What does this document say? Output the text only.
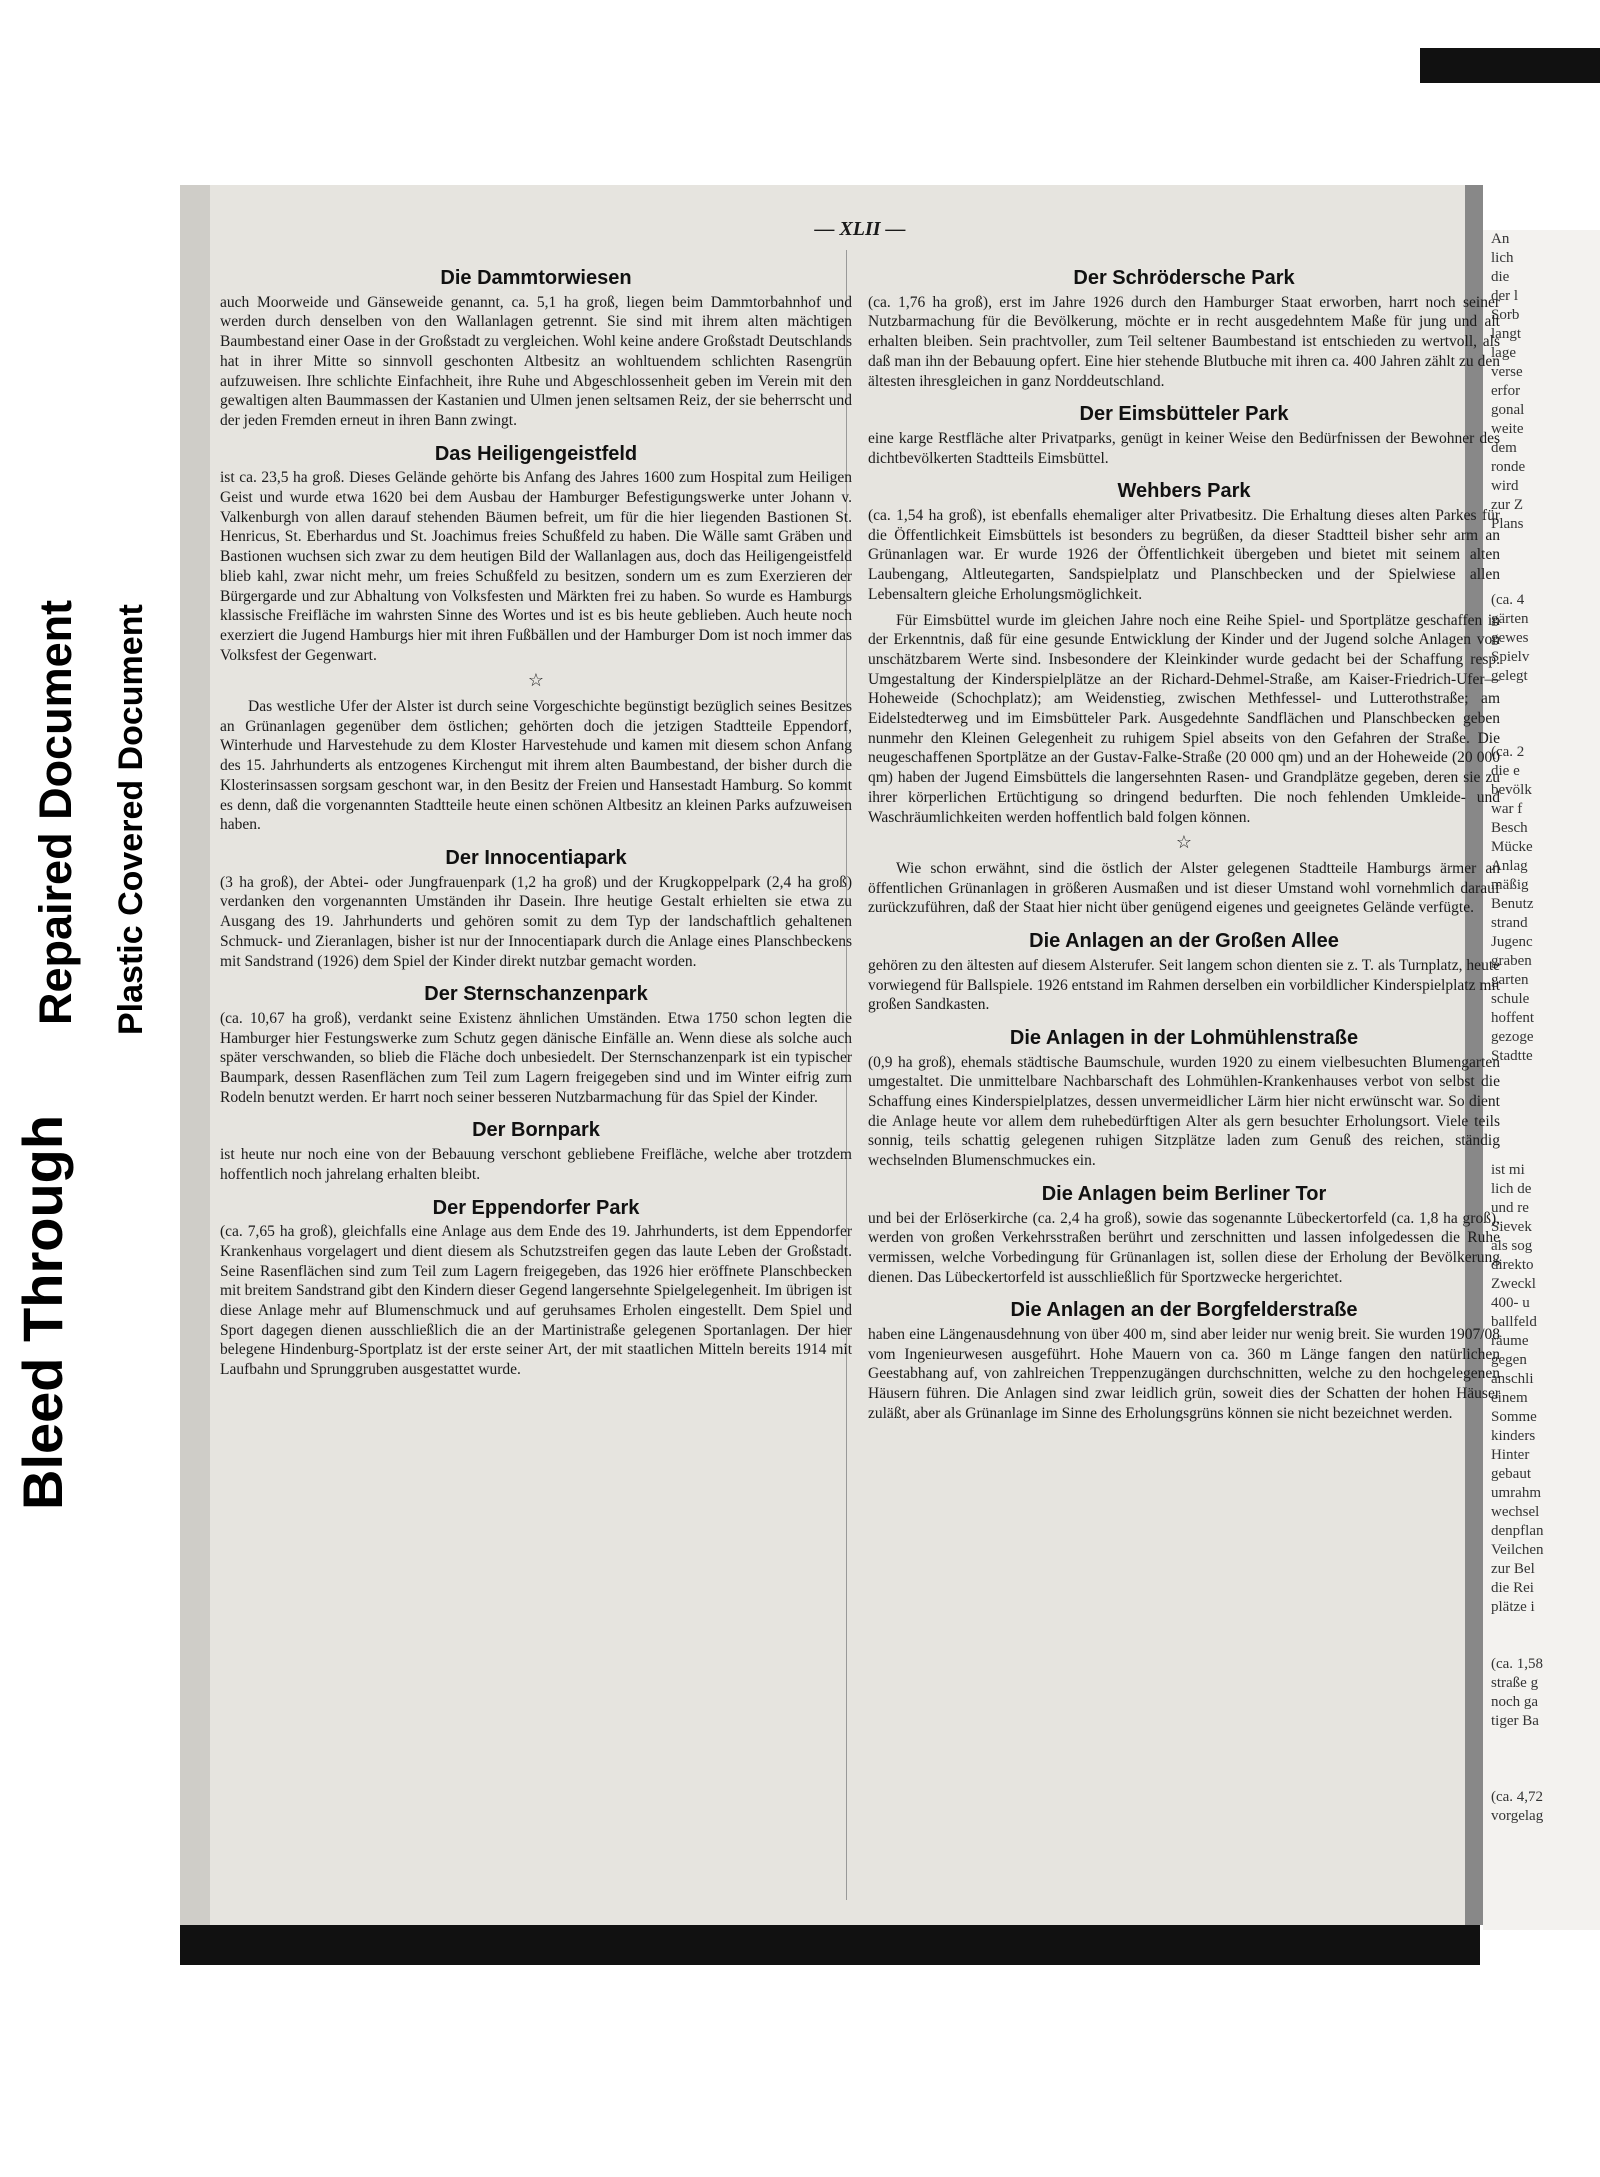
Bleed Through
Repaired Document Plastic Covered Document
An
lich
die
der l
Sorb
langt
lage
verse
erfor
gonal
weite
dem
ronde
wird
zur Z
Plans

(ca. 4
gärten
gewes
Spielv
gelegt

(ca. 2
die e
bevölk
war f
Besch
Mücke
Anlag
mäßig
Benutz
strand
Jugenc
graben
garten
schule
hoffent
gezoge
Stadtte

ist mi
lich de
und re
Sievek
als sog
direkto
Zweckl
400- u
ballfeld
räume
gegen
anschli
einem
Somme
kinders
Hinter
gebaut
umrahm
wechsel
denpflan
Veilchen
zur Bel
die Rei
plätze i

(ca. 1,58
straße g
noch ga
tiger Ba

(ca. 4,72
vorgelag
— XLII —
Die Dammtorwiesen

auch Moorweide und Gänseweide genannt, ca. 5,1 ha groß, liegen beim Dammtorbahnhof und werden durch denselben von den Wallanlagen getrennt. Sie sind mit ihrem alten mächtigen Baumbestand einer Oase in der Großstadt zu vergleichen. Wohl keine andere Großstadt Deutschlands hat in ihrer Mitte so sinnvoll geschonten Altbesitz an wohltuendem schlichten Rasengrün aufzuweisen. Ihre schlichte Einfachheit, ihre Ruhe und Abgeschlossenheit geben im Verein mit den gewaltigen alten Baummassen der Kastanien und Ulmen jenen seltsamen Reiz, der sie beherrscht und der jeden Fremden erneut in ihren Bann zwingt.

Das Heiligengeistfeld

ist ca. 23,5 ha groß. Dieses Gelände gehörte bis Anfang des Jahres 1600 zum Hospital zum Heiligen Geist und wurde etwa 1620 bei dem Ausbau der Hamburger Befestigungswerke unter Johann v. Valkenburgh von allen darauf stehenden Bäumen befreit, um für die hier liegenden Bastionen St. Henricus, St. Eberhardus und St. Joachimus freies Schußfeld zu haben. Die Wälle samt Gräben und Bastionen wuchsen sich zwar zu dem heutigen Bild der Wallanlagen aus, doch das Heiligengeistfeld blieb kahl, zwar nicht mehr, um freies Schußfeld zu besitzen, sondern um es zum Exerzieren der Bürgergarde und zur Abhaltung von Volksfesten und Märkten frei zu haben. So wurde es Hamburgs klassische Freifläche im wahrsten Sinne des Wortes und ist es bis heute geblieben. Auch heute noch exerziert die Jugend Hamburgs hier mit ihren Fußbällen und der Hamburger Dom ist noch immer das Volksfest der Gegenwart.

☆

Das westliche Ufer der Alster ist durch seine Vorgeschichte begünstigt bezüglich seines Besitzes an Grünanlagen gegenüber dem östlichen; gehörten doch die jetzigen Stadtteile Eppendorf, Winterhude und Harvestehude zu dem Kloster Harvestehude und kamen mit diesem schon Anfang des 15. Jahrhunderts als entzogenes Kirchengut mit ihrem alten Baumbestand, der bisher durch die Klosterinsassen sorgsam geschont war, in den Besitz der Freien und Hansestadt Hamburg. So kommt es denn, daß die vorgenannten Stadtteile heute einen schönen Altbesitz an kleinen Parks aufzuweisen haben.

Der Innocentiapark

(3 ha groß), der Abtei- oder Jungfrauenpark (1,2 ha groß) und der Krugkoppelpark (2,4 ha groß) verdanken den vorgenannten Umständen ihr Dasein. Ihre heutige Gestalt erhielten sie etwa zu Ausgang des 19. Jahrhunderts und gehören somit zu dem Typ der landschaftlich gehaltenen Schmuck- und Zieranlagen, bisher ist nur der Innocentiapark durch die Anlage eines Planschbeckens mit Sandstrand (1926) dem Spiel der Kinder direkt nutzbar gemacht worden.

Der Sternschanzenpark

(ca. 10,67 ha groß), verdankt seine Existenz ähnlichen Umständen. Etwa 1750 schon legten die Hamburger hier Festungswerke zum Schutz gegen dänische Einfälle an. Wenn diese als solche auch später verschwanden, so blieb die Fläche doch unbesiedelt. Der Sternschanzenpark ist ein typischer Baumpark, dessen Rasenflächen zum Teil zum Lagern freigegeben sind und im Winter eifrig zum Rodeln benutzt werden. Er harrt noch seiner besseren Nutzbarmachung für das Spiel der Kinder.

Der Bornpark

ist heute nur noch eine von der Bebauung verschont gebliebene Freifläche, welche aber trotzdem hoffentlich noch jahrelang erhalten bleibt.

Der Eppendorfer Park

(ca. 7,65 ha groß), gleichfalls eine Anlage aus dem Ende des 19. Jahrhunderts, ist dem Eppendorfer Krankenhaus vorgelagert und dient diesem als Schutzstreifen gegen das laute Leben der Großstadt. Seine Rasenflächen sind zum Teil zum Lagern freigegeben, das 1926 hier eröffnete Planschbecken mit breitem Sandstrand gibt den Kindern dieser Gegend langersehnte Spielgelegenheit. Im übrigen ist diese Anlage mehr auf Blumenschmuck und auf geruhsames Erholen eingestellt. Dem Spiel und Sport dagegen dienen ausschließlich die an der Martinistraße gelegenen Sportanlagen. Der hier belegene Hindenburg-Sportplatz ist der erste seiner Art, der mit staatlichen Mitteln bereits 1914 mit Laufbahn und Sprunggruben ausgestattet wurde.

Der Schrödersche Park

(ca. 1,76 ha groß), erst im Jahre 1926 durch den Hamburger Staat erworben, harrt noch seiner Nutzbarmachung für die Bevölkerung, möchte er in recht ausgedehntem Maße für jung und alt erhalten bleiben. Sein prachtvoller, zum Teil seltener Baumbestand ist entschieden zu wertvoll, als daß man ihn der Bebauung opfert. Eine hier stehende Blutbuche mit ihren ca. 400 Jahren zählt zu den ältesten ihresgleichen in ganz Norddeutschland.

Der Eimsbütteler Park

eine karge Restfläche alter Privatparks, genügt in keiner Weise den Bedürfnissen der Bewohner des dichtbevölkerten Stadtteils Eimsbüttel.

Wehbers Park

(ca. 1,54 ha groß), ist ebenfalls ehemaliger alter Privatbesitz. Die Erhaltung dieses alten Parkes für die Öffentlichkeit Eimsbüttels ist besonders zu begrüßen, da dieser Stadtteil bisher sehr arm an Grünanlagen war. Er wurde 1926 der Öffentlichkeit übergeben und bietet mit seinem alten Laubengang, Altleutegarten, Sandspielplatz und Planschbecken und der Spielwiese allen Lebensaltern gleiche Erholungsmöglichkeit.

Für Eimsbüttel wurde im gleichen Jahre noch eine Reihe Spiel- und Sportplätze geschaffen in der Erkenntnis, daß für eine gesunde Entwicklung der Kinder und der Jugend solche Anlagen von unschätzbarem Werte sind. Insbesondere der Kleinkinder wurde gedacht bei der Schaffung resp. Umgestaltung der Kinderspielplätze an der Richard-Dehmel-Straße, am Kaiser-Friedrich-Ufer—Hoheweide (Schochplatz); am Weidenstieg, zwischen Methfessel- und Lutterothstraße; am Eidelstedterweg und im Eimsbütteler Park. Ausgedehnte Sandflächen und Planschbecken geben nunmehr den Kleinen Gelegenheit zu ruhigem Spiel abseits von den Gefahren der Straße. Die neugeschaffenen Sportplätze an der Gustav-Falke-Straße (20 000 qm) und an der Hoheweide (20 000 qm) haben der Jugend Eimsbüttels die langersehnten Rasen- und Grandplätze gegeben, deren sie zu ihrer körperlichen Ertüchtigung so dringend bedurften. Die noch fehlenden Umkleide- und Waschräumlichkeiten werden hoffentlich bald folgen können.

☆

Wie schon erwähnt, sind die östlich der Alster gelegenen Stadtteile Hamburgs ärmer an öffentlichen Grünanlagen in größeren Ausmaßen und ist dieser Umstand wohl vornehmlich darauf zurückzuführen, daß der Staat hier nicht über genügend eigenes und geeignetes Gelände verfügte.

Die Anlagen an der Großen Allee

gehören zu den ältesten auf diesem Alsterufer. Seit langem schon dienten sie z. T. als Turnplatz, heute vorwiegend für Ballspiele. 1926 entstand im Rahmen derselben ein vorbildlicher Kinderspielplatz mit großen Sandkasten.

Die Anlagen in der Lohmühlenstraße

(0,9 ha groß), ehemals städtische Baumschule, wurden 1920 zu einem vielbesuchten Blumengarten umgestaltet. Die unmittelbare Nachbarschaft des Lohmühlen-Krankenhauses verbot von selbst die Schaffung eines Kinderspielplatzes, dessen unvermeidlicher Lärm hier nicht erwünscht war. So dient die Anlage heute vor allem dem ruhebedürftigen Alter als gern besuchter Erholungsort. Viele teils sonnig, teils schattig gelegenen ruhigen Sitzplätze laden zum Genuß des reichen, ständig wechselnden Blumenschmuckes ein.

Die Anlagen beim Berliner Tor

und bei der Erlöserkirche (ca. 2,4 ha groß), sowie das sogenannte Lübeckertorfeld (ca. 1,8 ha groß), werden von großen Verkehrsstraßen berührt und zerschnitten und lassen infolgedessen die Ruhe vermissen, welche Vorbedingung für Grünanlagen ist, sollen diese der Erholung der Bevölkerung dienen. Das Lübeckertorfeld ist ausschließlich für Sportzwecke hergerichtet.

Die Anlagen an der Borgfelderstraße

haben eine Längenausdehnung von über 400 m, sind aber leider nur wenig breit. Sie wurden 1907/08 vom Ingenieurwesen ausgeführt. Hohe Mauern von ca. 360 m Länge fangen den natürlichen Geestabhang auf, von zahlreichen Treppenzugängen durchschnitten, welche zu den hochgelegenen Häusern führen. Die Anlagen sind zwar leidlich grün, soweit dies der Schatten der hohen Häuser zuläßt, aber als Grünanlage im Sinne des Erholungsgrüns können sie nicht bezeichnet werden.
